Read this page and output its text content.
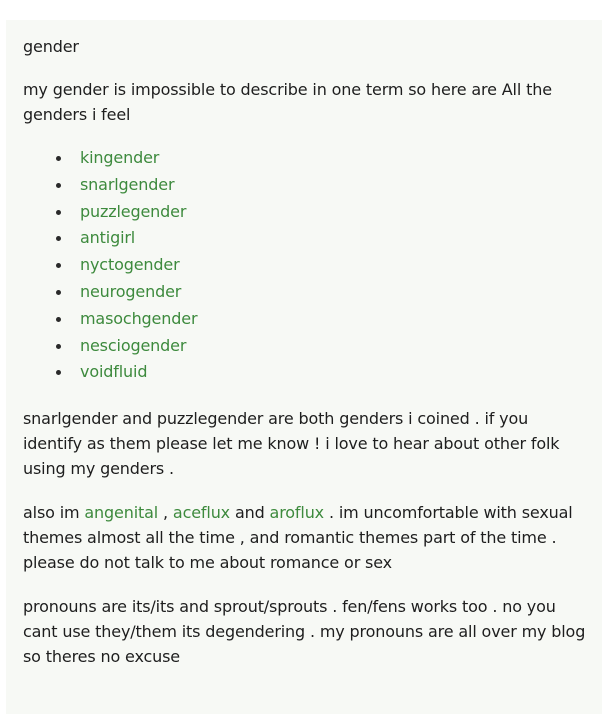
gender

my gender is impossible to describe in one term so here are All the genders i feel

kingender
snarlgender
puzzlegender
antigirl
nyctogender
neurogender
masochgender
nesciogender
voidfluid

snarlgender and puzzlegender are both genders i coined . if you identify as them please let me know ! i love to hear about other folk using my genders .

also im angenital , aceflux and aroflux . im uncomfortable with sexual themes almost all the time , and romantic themes part of the time . please do not talk to me about romance or sex

pronouns are its/its and sprout/sprouts . fen/fens works too . no you cant use they/them its degendering . my pronouns are all over my blog so theres no excuse
